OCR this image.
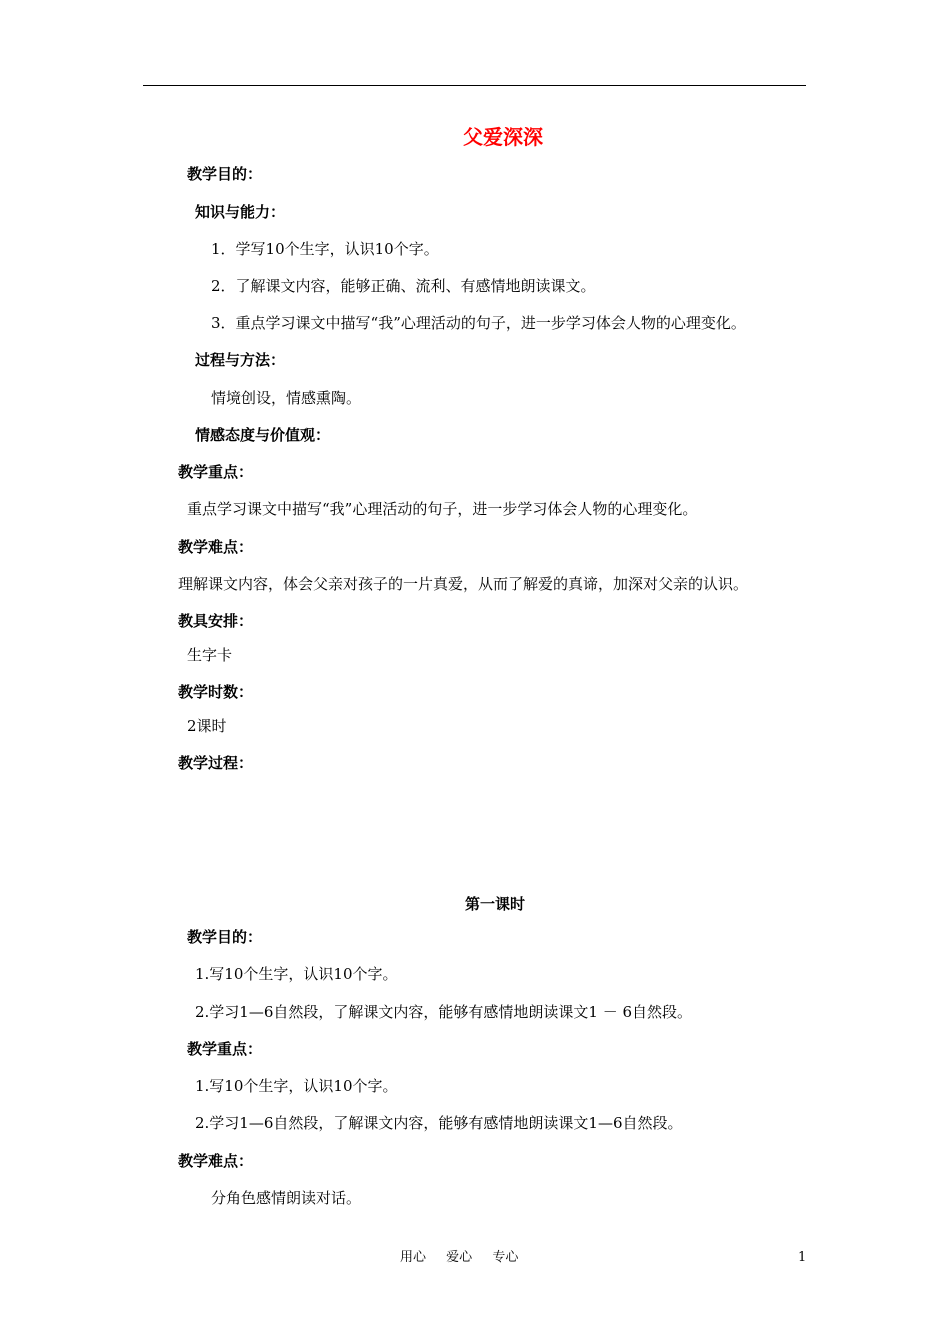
父爱深深
教学目的：
知识与能力：
1．学写10个生字，认识10个字。
2．了解课文内容，能够正确、流利、有感情地朗读课文。
3．重点学习课文中描写“我”心理活动的句子，进一步学习体会人物的心理变化。
过程与方法：
情境创设，情感熏陶。
情感态度与价值观：
教学重点：
重点学习课文中描写“我”心理活动的句子，进一步学习体会人物的心理变化。
教学难点：
理解课文内容，体会父亲对孩子的一片真爱，从而了解爱的真谛，加深对父亲的认识。
教具安排：
生字卡
教学时数：
2课时
教学过程：
第一课时
教学目的：
1.写10个生字，认识10个字。
2.学习1—6自然段，了解课文内容，能够有感情地朗读课文1 － 6自然段。
教学重点：
1.写10个生字，认识10个字。
2.学习1—6自然段，了解课文内容，能够有感情地朗读课文1—6自然段。
教学难点：
分角色感情朗读对话。
用心 爱心 专心	1
